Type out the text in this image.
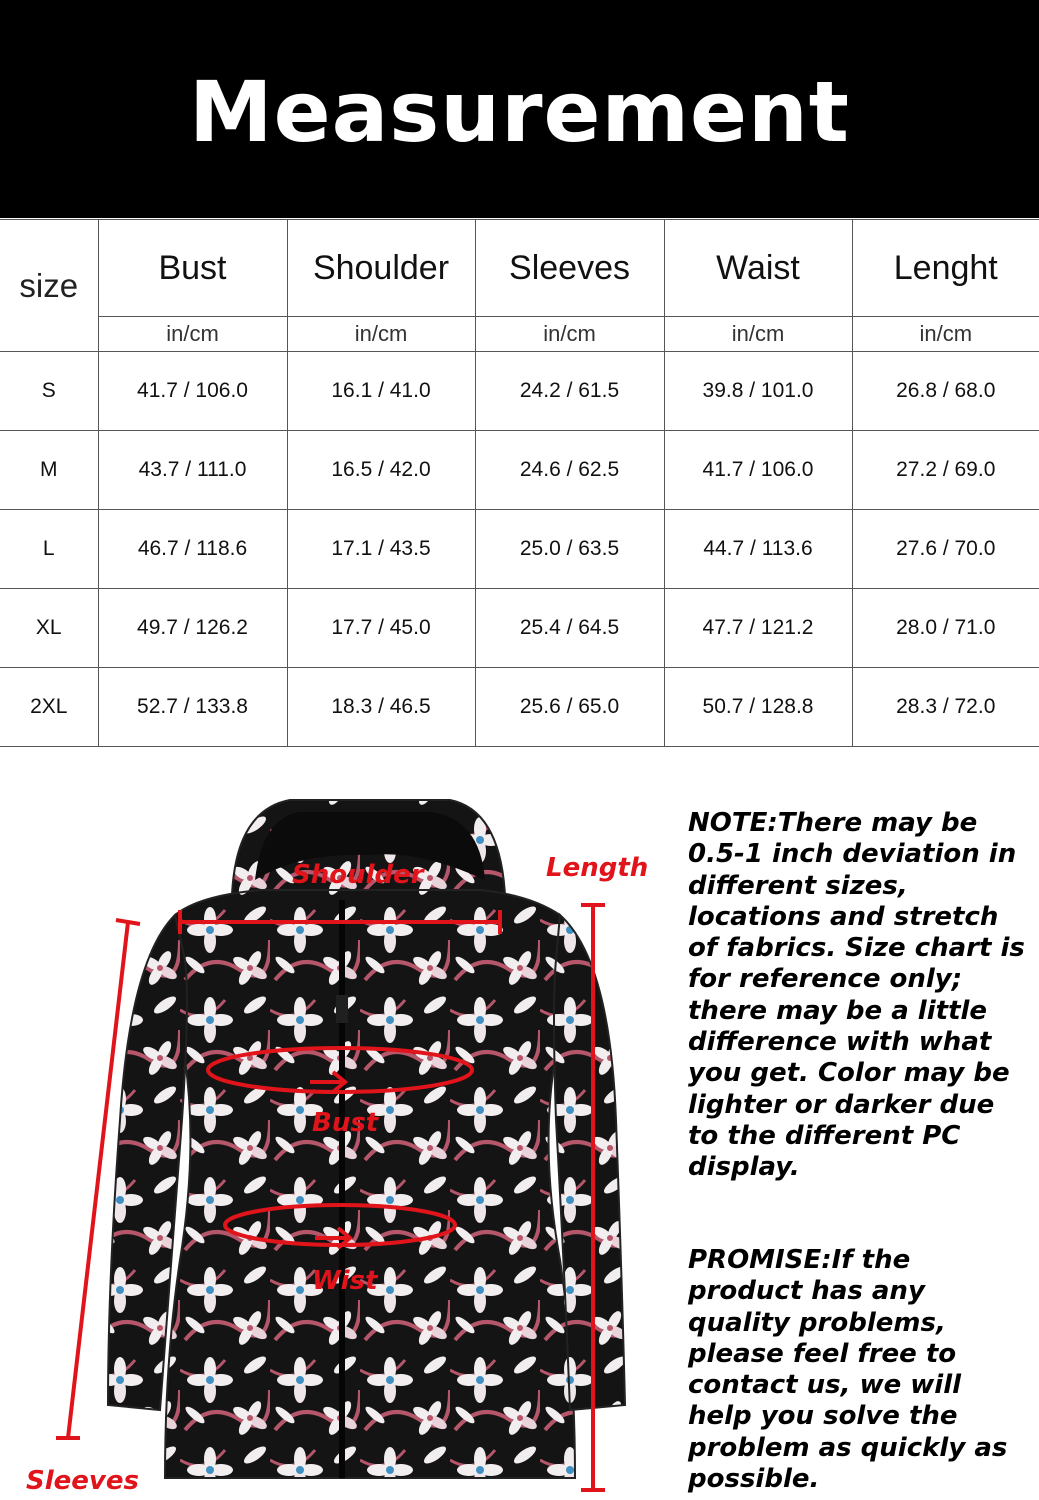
Measurement
size	Bust	Shoulder	Sleeves	Waist	Lenght
	in/cm	in/cm	in/cm	in/cm	in/cm
S	41.7 / 106.0	16.1 / 41.0	24.2 / 61.5	39.8 / 101.0	26.8 / 68.0
M	43.7 / 111.0	16.5 / 42.0	24.6 / 62.5	41.7 / 106.0	27.2 / 69.0
L	46.7 / 118.6	17.1 / 43.5	25.0 / 63.5	44.7 / 113.6	27.6 / 70.0
XL	49.7 / 126.2	17.7 / 45.0	25.4 / 64.5	47.7 / 121.2	28.0 / 71.0
2XL	52.7 / 133.8	18.3 / 46.5	25.6 / 65.0	50.7 / 128.8	28.3 / 72.0
Shoulder	Length
Bust
Wist
Sleeves
NOTE:There may be 0.5-1 inch deviation in different sizes, locations and stretch of fabrics. Size chart is for reference only; there may be a little difference with what you get. Color may be lighter or darker due to the different PC display.
PROMISE:If the product has any quality problems, please feel free to contact us, we will help you solve the problem as quickly as possible.
